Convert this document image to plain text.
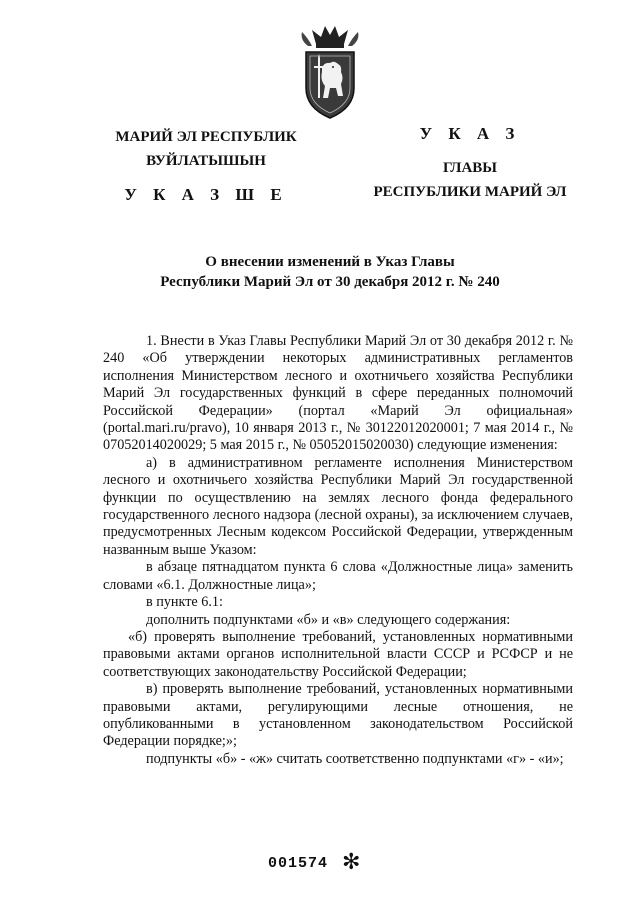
МАРИЙ ЭЛ РЕСПУБЛИК
ВУЙЛАТЫШЫН
У К А З Ш Е
У К А З
ГЛАВЫ
РЕСПУБЛИКИ МАРИЙ ЭЛ
О внесении изменений в Указ Главы
Республики Марий Эл от 30 декабря 2012 г. № 240

1. Внести в Указ Главы Республики Марий Эл от 30 декабря 2012 г. № 240 «Об утверждении некоторых административных регламентов исполнения Министерством лесного и охотничьего хозяйства Республики Марий Эл государственных функций в сфере переданных полномочий Российской Федерации» (портал «Марий Эл официальная» (portal.mari.ru/pravo), 10 января 2013 г., № 30122012020001; 7 мая 2014 г., № 07052014020029; 5 мая 2015 г., № 05052015020030) следующие изменения:

а) в административном регламенте исполнения Министерством лесного и охотничьего хозяйства Республики Марий Эл государственной функции по осуществлению на землях лесного фонда федерального государственного лесного надзора (лесной охраны), за исключением случаев, предусмотренных Лесным кодексом Российской Федерации, утвержденным названным выше Указом:

в абзаце пятнадцатом пункта 6 слова «Должностные лица» заменить словами «6.1. Должностные лица»;

в пункте 6.1:

дополнить подпунктами «б» и «в» следующего содержания:

«б) проверять выполнение требований, установленных нормативными правовыми актами органов исполнительной власти СССР и РСФСР и не соответствующих законодательству Российской Федерации;

в) проверять выполнение требований, установленных нормативными правовыми актами, регулирующими лесные отношения, не опубликованными в установленном законодательством Российской Федерации порядке;»;

подпункты «б» - «ж» считать соответственно подпунктами «г» - «и»;

001574 ✻
